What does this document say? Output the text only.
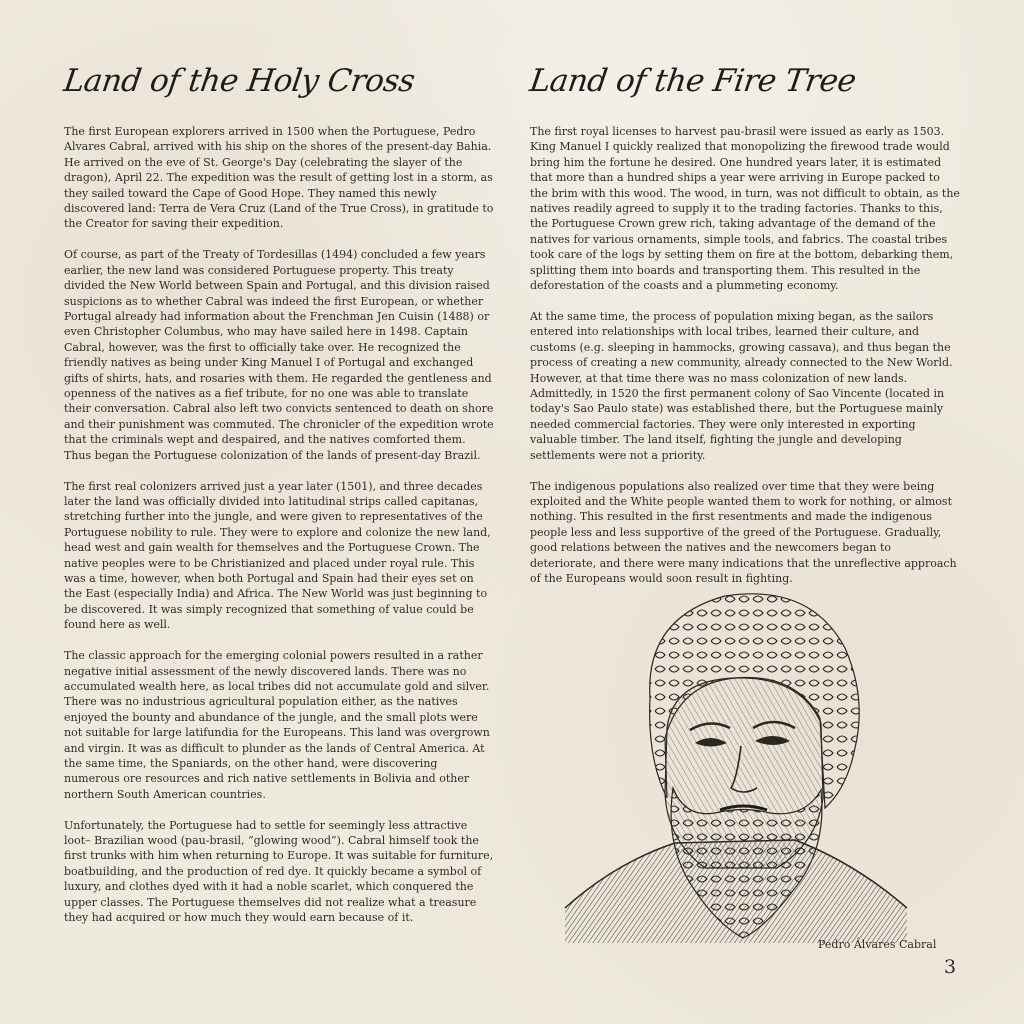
Land of the Holy Cross

The first European explorers arrived in 1500 when the Portuguese, Pedro Alvares Cabral, arrived with his ship on the shores of the present-day Bahia. He arrived on the eve of St. George's Day (celebrating the slayer of the dragon), April 22. The expedition was the result of getting lost in a storm, as they sailed toward the Cape of Good Hope. They named this newly discovered land: Terra de Vera Cruz (Land of the True Cross), in gratitude to the Creator for saving their expedition.

Of course, as part of the Treaty of Tordesillas (1494) concluded a few years earlier, the new land was considered Portuguese property. This treaty divided the New World between Spain and Portugal, and this division raised suspicions as to whether Cabral was indeed the first European, or whether Portugal already had information about the Frenchman Jen Cuisin (1488) or even Christopher Columbus, who may have sailed here in 1498. Captain Cabral, however, was the first to officially take over. He recognized the friendly natives as being under King Manuel I of Portugal and exchanged gifts of shirts, hats, and rosaries with them. He regarded the gentleness and openness of the natives as a fief tribute, for no one was able to translate their conversation. Cabral also left two convicts sentenced to death on shore and their punishment was commuted. The chronicler of the expedition wrote that the criminals wept and despaired, and the natives comforted them. Thus began the Portuguese colonization of the lands of present-day Brazil.

The first real colonizers arrived just a year later (1501), and three decades later the land was officially divided into latitudinal strips called capitanas, stretching further into the jungle, and were given to representatives of the Portuguese nobility to rule. They were to explore and colonize the new land, head west and gain wealth for themselves and the Portuguese Crown. The native peoples were to be Christianized and placed under royal rule. This was a time, however, when both Portugal and Spain had their eyes set on the East (especially India) and Africa. The New World was just beginning to be discovered. It was simply recognized that something of value could be found here as well.

The classic approach for the emerging colonial powers resulted in a rather negative initial assessment of the newly discovered lands. There was no accumulated wealth here, as local tribes did not accumulate gold and silver. There was no industrious agricultural population either, as the natives enjoyed the bounty and abundance of the jungle, and the small plots were not suitable for large latifundia for the Europeans. This land was overgrown and virgin. It was as difficult to plunder as the lands of Central America. At the same time, the Spaniards, on the other hand, were discovering numerous ore resources and rich native settlements in Bolivia and other northern South American countries.

Unfortunately, the Portuguese had to settle for seemingly less attractive loot– Brazilian wood (pau-brasil, “glowing wood”). Cabral himself took the first trunks with him when returning to Europe. It was suitable for furniture, boatbuilding, and the production of red dye. It quickly became a symbol of luxury, and clothes dyed with it had a noble scarlet, which conquered the upper classes. The Portuguese themselves did not realize what a treasure they had acquired or how much they would earn because of it.

Land of the Fire Tree

The first royal licenses to harvest pau-brasil were issued as early as 1503. King Manuel I quickly realized that monopolizing the firewood trade would bring him the fortune he desired. One hundred years later, it is estimated that more than a hundred ships a year were arriving in Europe packed to the brim with this wood. The wood, in turn, was not difficult to obtain, as the natives readily agreed to supply it to the trading factories. Thanks to this, the Portuguese Crown grew rich, taking advantage of the demand of the natives for various ornaments, simple tools, and fabrics. The coastal tribes took care of the logs by setting them on fire at the bottom, debarking them, splitting them into boards and transporting them. This resulted in the deforestation of the coasts and a plummeting economy.

At the same time, the process of population mixing began, as the sailors entered into relationships with local tribes, learned their culture, and customs (e.g. sleeping in hammocks, growing cassava), and thus began the process of creating a new community, already connected to the New World. However, at that time there was no mass colonization of new lands. Admittedly, in 1520 the first permanent colony of Sao Vincente (located in today's Sao Paulo state) was established there, but the Portuguese mainly needed commercial factories. They were only interested in exporting valuable timber. The land itself, fighting the jungle and developing settlements were not a priority.

The indigenous populations also realized over time that they were being exploited and the White people wanted them to work for nothing, or almost nothing. This resulted in the first resentments and made the indigenous people less and less supportive of the greed of the Portuguese. Gradually, good relations between the natives and the newcomers began to deteriorate, and there were many indications that the unreflective approach of the Europeans would soon result in fighting.

Pedro Álvares Cabral
3
